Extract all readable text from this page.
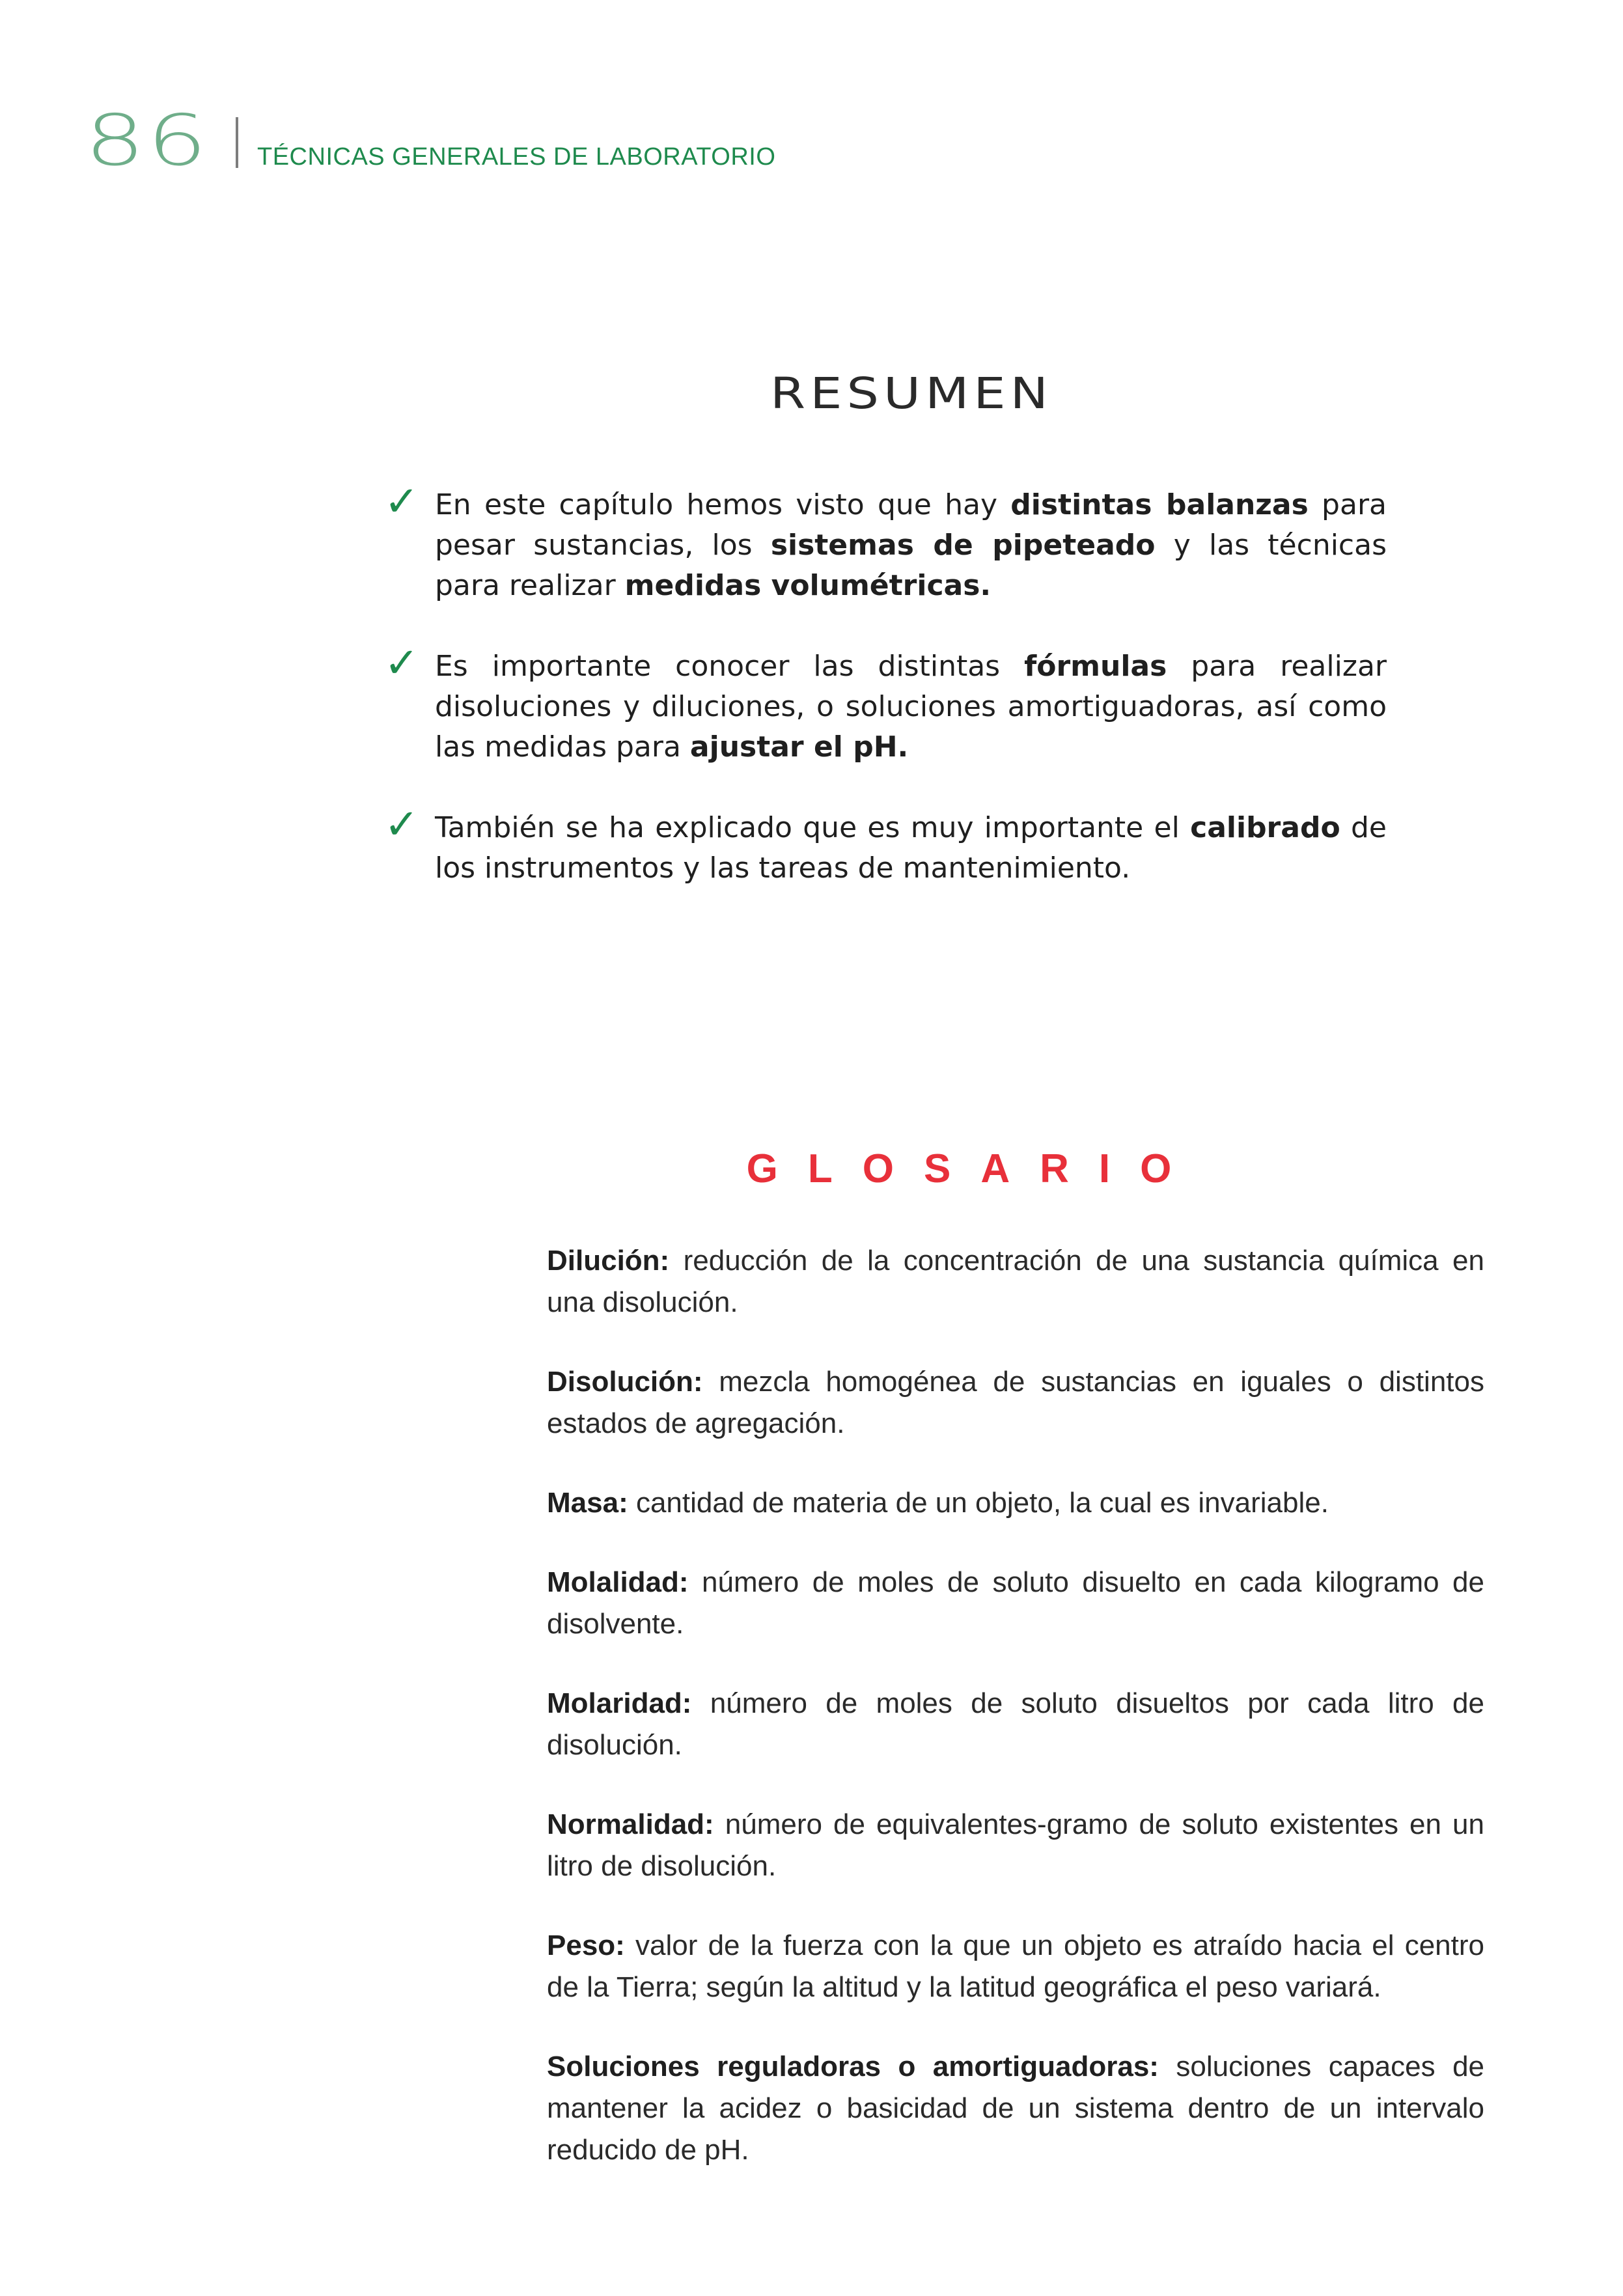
86 TÉCNICAS GENERALES DE LABORATORIO
RESUMEN
✓ En este capítulo hemos visto que hay distintas balanzas para pesar sustancias, los sistemas de pipeteado y las técnicas para realizar medidas volumétricas.
✓ Es importante conocer las distintas fórmulas para realizar disoluciones y diluciones, o soluciones amortiguadoras, así como las medidas para ajustar el pH.
✓ También se ha explicado que es muy importante el calibrado de los instrumentos y las tareas de mantenimiento.
GLOSARIO
Dilución: reducción de la concentración de una sustancia química en una disolución.
Disolución: mezcla homogénea de sustancias en iguales o distintos estados de agregación.
Masa: cantidad de materia de un objeto, la cual es invariable.
Molalidad: número de moles de soluto disuelto en cada kilogramo de disolvente.
Molaridad: número de moles de soluto disueltos por cada litro de disolución.
Normalidad: número de equivalentes-gramo de soluto existentes en un litro de disolución.
Peso: valor de la fuerza con la que un objeto es atraído hacia el centro de la Tierra; según la altitud y la latitud geográfica el peso variará.
Soluciones reguladoras o amortiguadoras: soluciones capaces de mantener la acidez o basicidad de un sistema dentro de un intervalo reducido de pH.
